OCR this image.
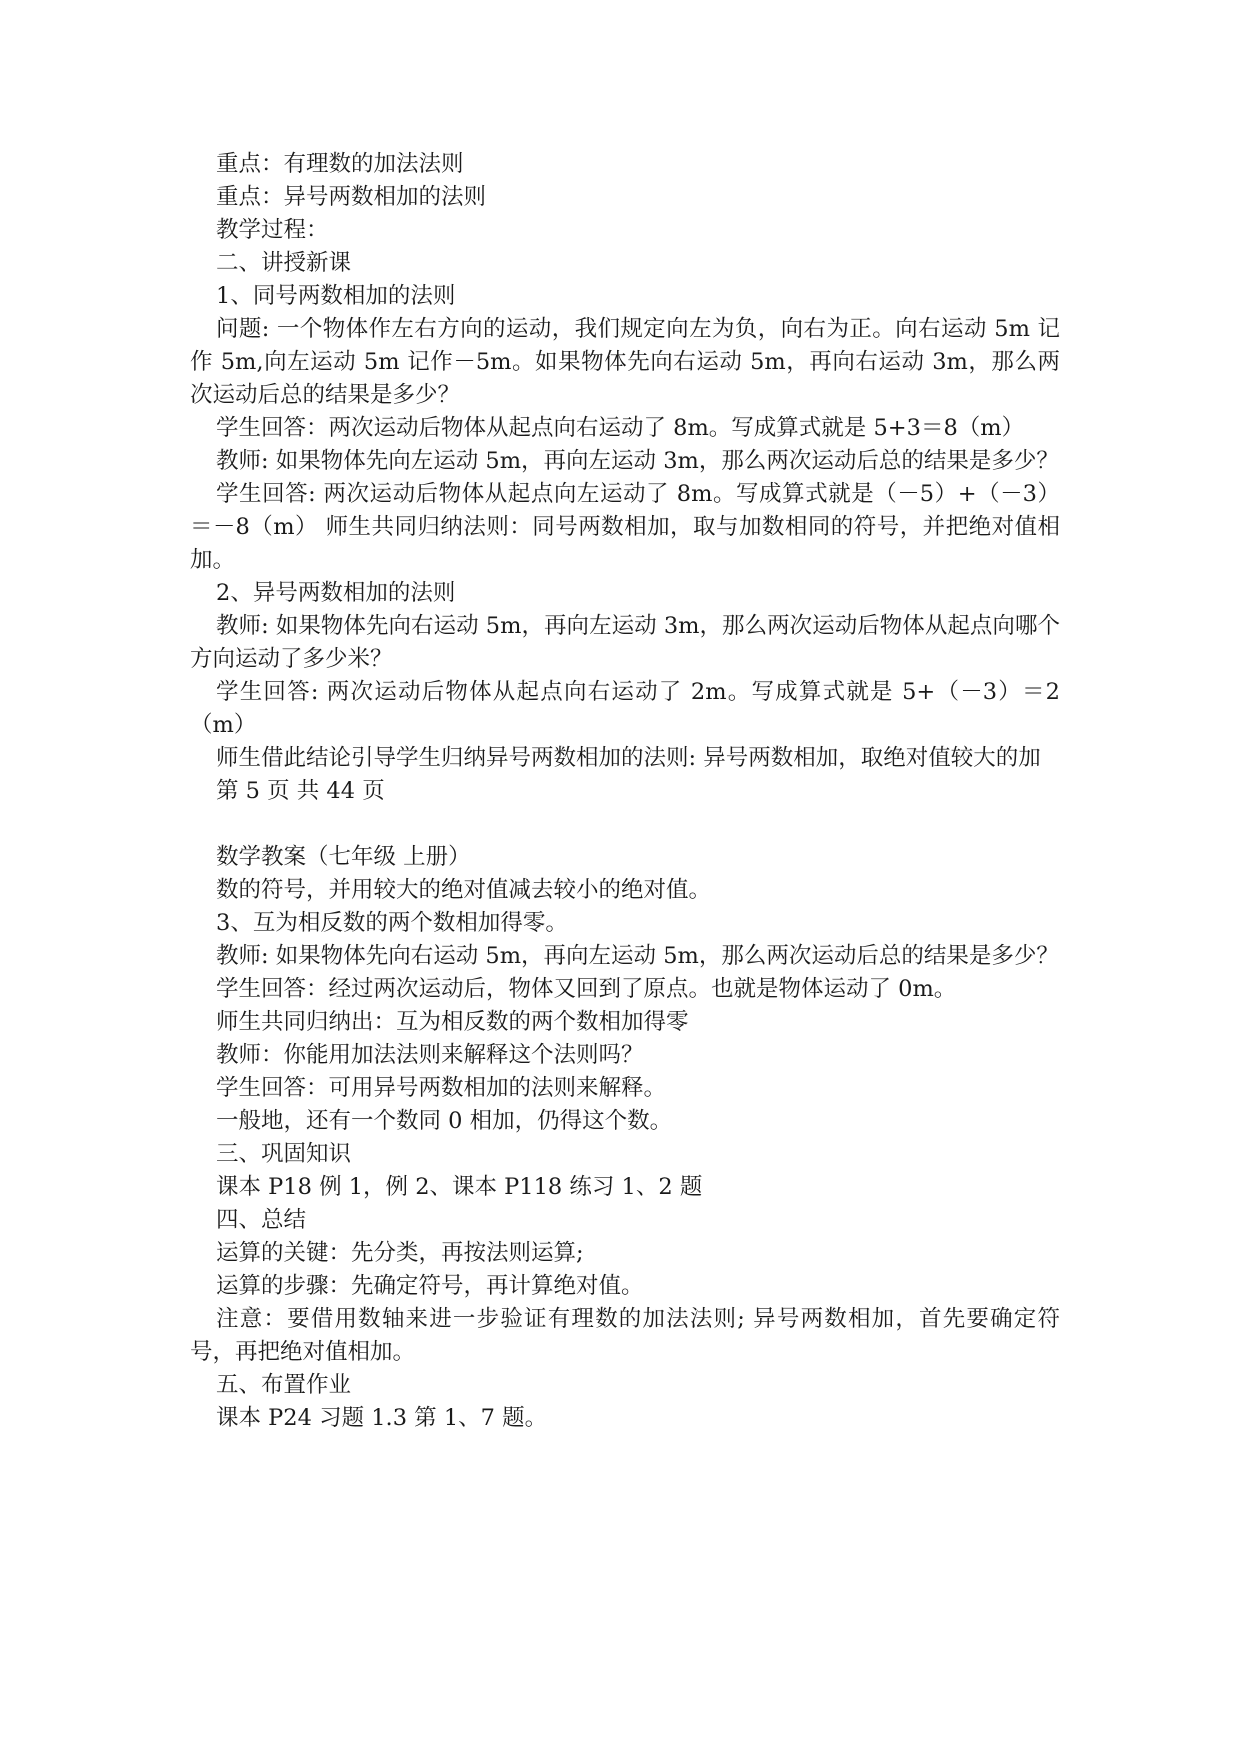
重点：有理数的加法法则

重点：异号两数相加的法则

教学过程：

二、讲授新课

1、同号两数相加的法则

问题: 一个物体作左右方向的运动，我们规定向左为负，向右为正。向右运动 5m 记作 5m,向左运动 5m 记作－5m。如果物体先向右运动 5m，再向右运动 3m，那么两次运动后总的结果是多少？

学生回答：两次运动后物体从起点向右运动了 8m。写成算式就是 5+3＝8（m）

教师: 如果物体先向左运动 5m，再向左运动 3m，那么两次运动后总的结果是多少？

学生回答: 两次运动后物体从起点向左运动了 8m。写成算式就是（－5）+（－3）＝－8（m） 师生共同归纳法则：同号两数相加，取与加数相同的符号，并把绝对值相加。

2、异号两数相加的法则

教师: 如果物体先向右运动 5m，再向左运动 3m，那么两次运动后物体从起点向哪个方向运动了多少米？

学生回答: 两次运动后物体从起点向右运动了 2m。写成算式就是 5+（－3）＝2（m）

师生借此结论引导学生归纳异号两数相加的法则: 异号两数相加，取绝对值较大的加

第 5 页 共 44 页

数学教案（七年级 上册）

数的符号，并用较大的绝对值减去较小的绝对值。

3、互为相反数的两个数相加得零。

教师: 如果物体先向右运动 5m，再向左运动 5m，那么两次运动后总的结果是多少？

学生回答：经过两次运动后，物体又回到了原点。也就是物体运动了 0m。

师生共同归纳出：互为相反数的两个数相加得零

教师：你能用加法法则来解释这个法则吗？

学生回答：可用异号两数相加的法则来解释。

一般地，还有一个数同 0 相加，仍得这个数。

三、巩固知识

课本 P18 例 1，例 2、课本 P118 练习 1、2 题

四、总结

运算的关键：先分类，再按法则运算;

运算的步骤：先确定符号，再计算绝对值。

注意：要借用数轴来进一步验证有理数的加法法则; 异号两数相加，首先要确定符号，再把绝对值相加。

五、布置作业

课本 P24 习题 1.3 第 1、7 题。
